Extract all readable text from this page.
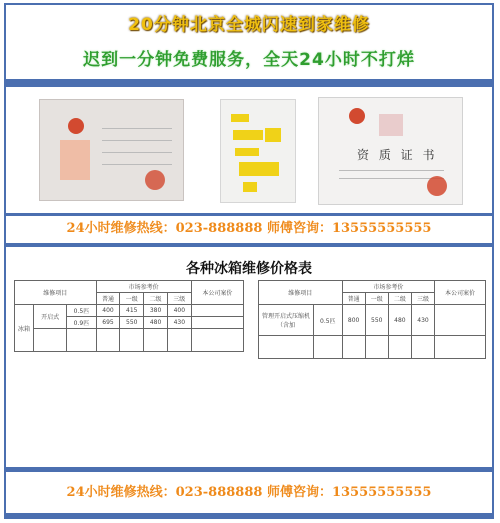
20分钟北京全城闪速到家维修
迟到一分钟免费服务，全天24小时不打烊
资 质 证 书
24小时维修热线：023-888888 师傅咨询：13555555555
各种冰箱维修价格表
维修项目			市场参考价				本公司案价
			普通	一级	二级	三级	
冰箱	开启式	0.5匹	400	415	380	400	
		0.9匹	695	550	480	430	

维修项目		市场参考价				本公司案价
		普通	一级	二级	三级	
管理开启式压缩机（含加	0.5匹	800	550	480	430	

24小时维修热线：023-888888 师傅咨询：13555555555
